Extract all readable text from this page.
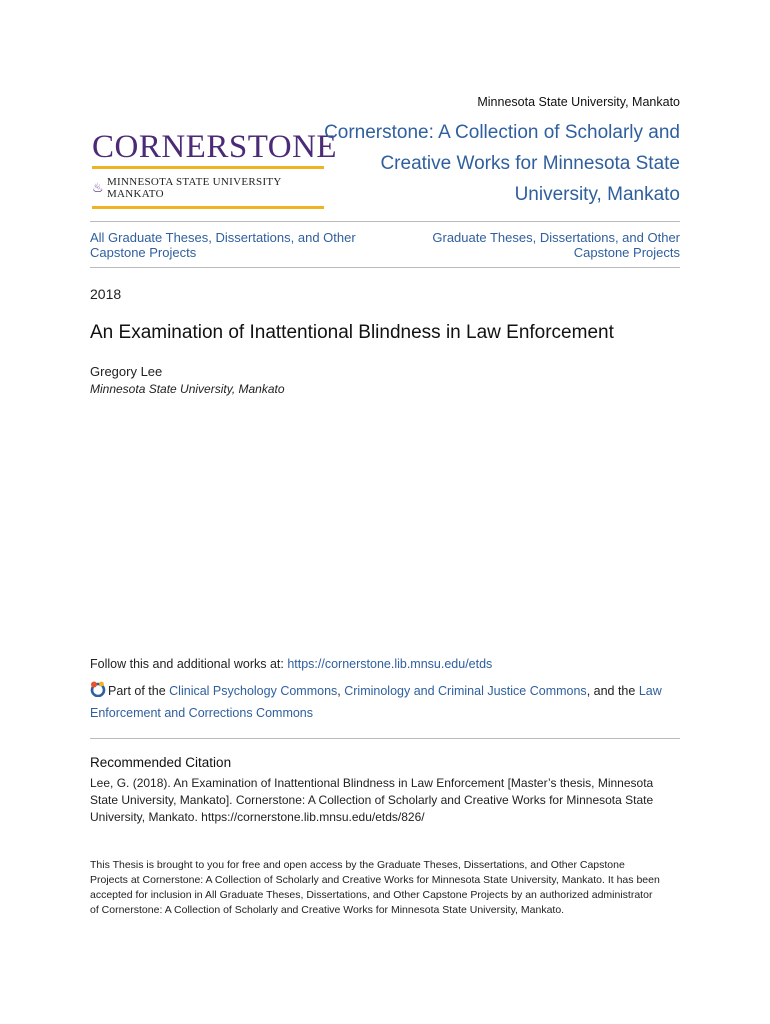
Minnesota State University, Mankato
CORNERSTONE
♨ MINNESOTA STATE UNIVERSITY MANKATO
Cornerstone: A Collection of Scholarly and Creative Works for Minnesota State University, Mankato
All Graduate Theses, Dissertations, and Other Capstone Projects
Graduate Theses, Dissertations, and Other Capstone Projects
2018
An Examination of Inattentional Blindness in Law Enforcement
Gregory Lee
Minnesota State University, Mankato
Follow this and additional works at: https://cornerstone.lib.mnsu.edu/etds
Part of the Clinical Psychology Commons, Criminology and Criminal Justice Commons, and the Law Enforcement and Corrections Commons
Recommended Citation
Lee, G. (2018). An Examination of Inattentional Blindness in Law Enforcement [Master’s thesis, Minnesota State University, Mankato]. Cornerstone: A Collection of Scholarly and Creative Works for Minnesota State University, Mankato. https://cornerstone.lib.mnsu.edu/etds/826/
This Thesis is brought to you for free and open access by the Graduate Theses, Dissertations, and Other Capstone Projects at Cornerstone: A Collection of Scholarly and Creative Works for Minnesota State University, Mankato. It has been accepted for inclusion in All Graduate Theses, Dissertations, and Other Capstone Projects by an authorized administrator of Cornerstone: A Collection of Scholarly and Creative Works for Minnesota State University, Mankato.
